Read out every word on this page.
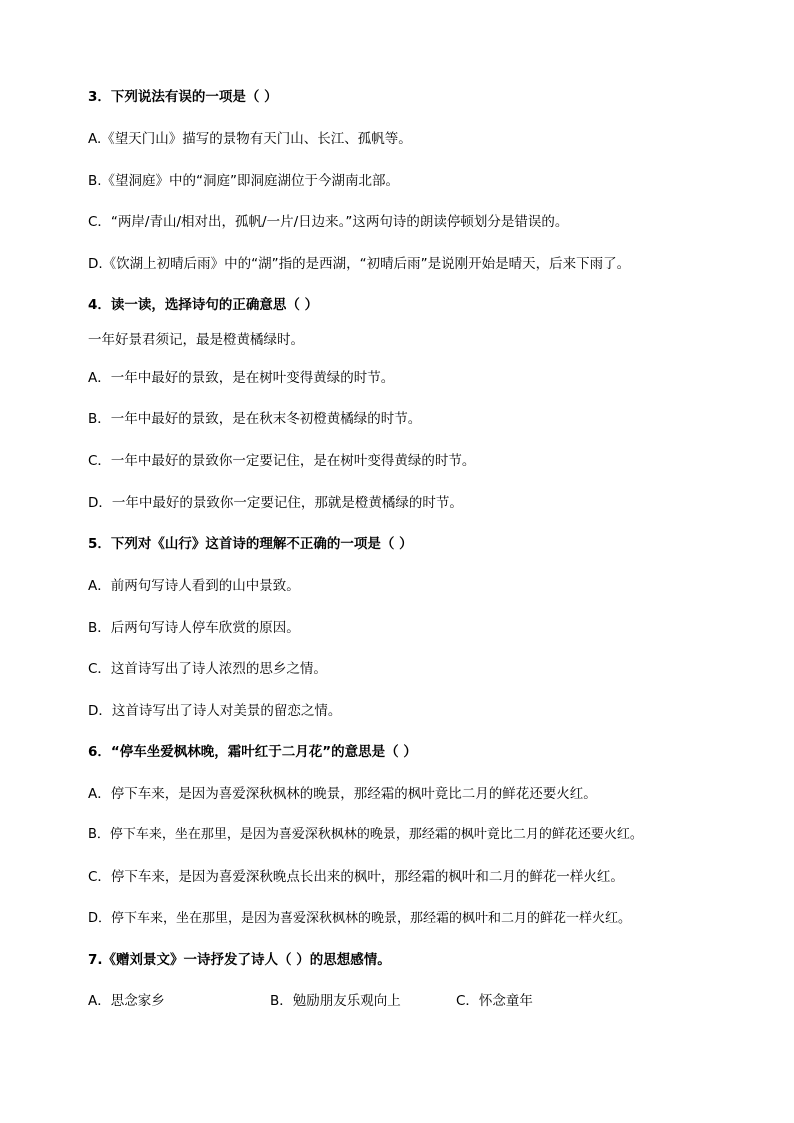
3．下列说法有误的一项是（ ）
A.《望天门山》描写的景物有天门山、长江、孤帆等。
B.《望洞庭》中的“洞庭”即洞庭湖位于今湖南北部。
C．“两岸/青山/相对出，孤帆/一片/日边来。”这两句诗的朗读停顿划分是错误的。
D.《饮湖上初晴后雨》中的“湖”指的是西湖，“初晴后雨”是说刚开始是晴天，后来下雨了。
4．读一读，选择诗句的正确意思（ ）
一年好景君须记，最是橙黄橘绿时。
A．一年中最好的景致，是在树叶变得黄绿的时节。
B．一年中最好的景致，是在秋末冬初橙黄橘绿的时节。
C．一年中最好的景致你一定要记住，是在树叶变得黄绿的时节。
D．一年中最好的景致你一定要记住，那就是橙黄橘绿的时节。
5．下列对《山行》这首诗的理解不正确的一项是（ ）
A．前两句写诗人看到的山中景致。
B．后两句写诗人停车欣赏的原因。
C．这首诗写出了诗人浓烈的思乡之情。
D．这首诗写出了诗人对美景的留恋之情。
6．“停车坐爱枫林晚，霜叶红于二月花”的意思是（ ）
A．停下车来，是因为喜爱深秋枫林的晚景，那经霜的枫叶竟比二月的鲜花还要火红。
B．停下车来，坐在那里，是因为喜爱深秋枫林的晚景，那经霜的枫叶竟比二月的鲜花还要火红。
C．停下车来，是因为喜爱深秋晚点长出来的枫叶，那经霜的枫叶和二月的鲜花一样火红。
D．停下车来，坐在那里，是因为喜爱深秋枫林的晚景，那经霜的枫叶和二月的鲜花一样火红。
7.《赠刘景文》一诗抒发了诗人（ ）的思想感情。
A．思念家乡	B．勉励朋友乐观向上	C．怀念童年
